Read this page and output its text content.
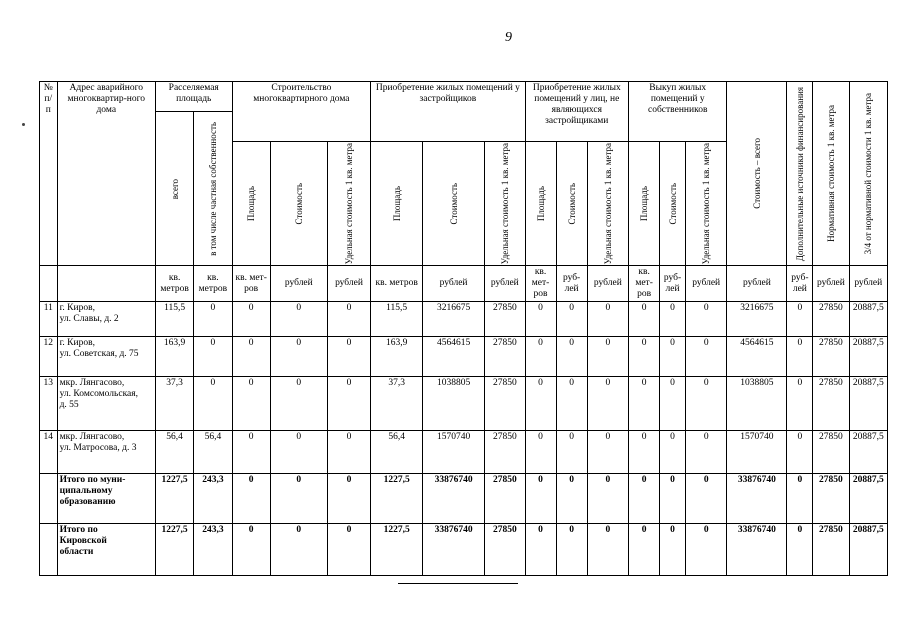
9
№ п/п	Адрес аварийного многоквартир-ного дома	Расселяемая площадь		Строительство многоквартирного дома			Приобретение жилых помещений у застройщиков			Приобретение жилых помещений у лиц, не являющихся застройщиками			Выкуп жилых помещений у собственников			Стоимость – всего	Дополнительные источники финансирования	Нормативная стоимость 1 кв. метра	3/4 от нормативной стоимости 1 кв. метра

		всего	в том числе частная собственность																

				Площадь	Стоимость	Удельная стоимость 1 кв. метра	Площадь	Стоимость	Удельная стоимость 1 кв. метра	Площадь	Стоимость	Удельная стоимость 1 кв. метра	Площадь	Стоимость	Удельная стоимость 1 кв. метра				

		кв. метров	кв. метров	кв. мет-ров	рублей	рублей	кв. метров	рублей	рублей	кв. мет-ров	руб-лей	рублей	кв. мет-ров	руб-лей	рублей	рублей	руб-лей	рублей	рублей
11	г. Киров,
ул. Славы, д. 2	115,5	0	0	0	0	115,5	3216675	27850	0	0	0	0	0	0	3216675	0	27850	20887,5
12	г. Киров,
ул. Советская, д. 75	163,9	0	0	0	0	163,9	4564615	27850	0	0	0	0	0	0	4564615	0	27850	20887,5
13	мкр. Лянгасово,
ул. Комсомольская,
д. 55	37,3	0	0	0	0	37,3	1038805	27850	0	0	0	0	0	0	1038805	0	27850	20887,5
14	мкр. Лянгасово,
ул. Матросова, д. 3	56,4	56,4	0	0	0	56,4	1570740	27850	0	0	0	0	0	0	1570740	0	27850	20887,5

	Итого по муни-
ципальному
образованию	1227,5	243,3	0	0	0	1227,5	33876740	27850	0	0	0	0	0	0	33876740	0	27850	20887,5

	Итого по
Кировской
области	1227,5	243,3	0	0	0	1227,5	33876740	27850	0	0	0	0	0	0	33876740	0	27850	20887,5
